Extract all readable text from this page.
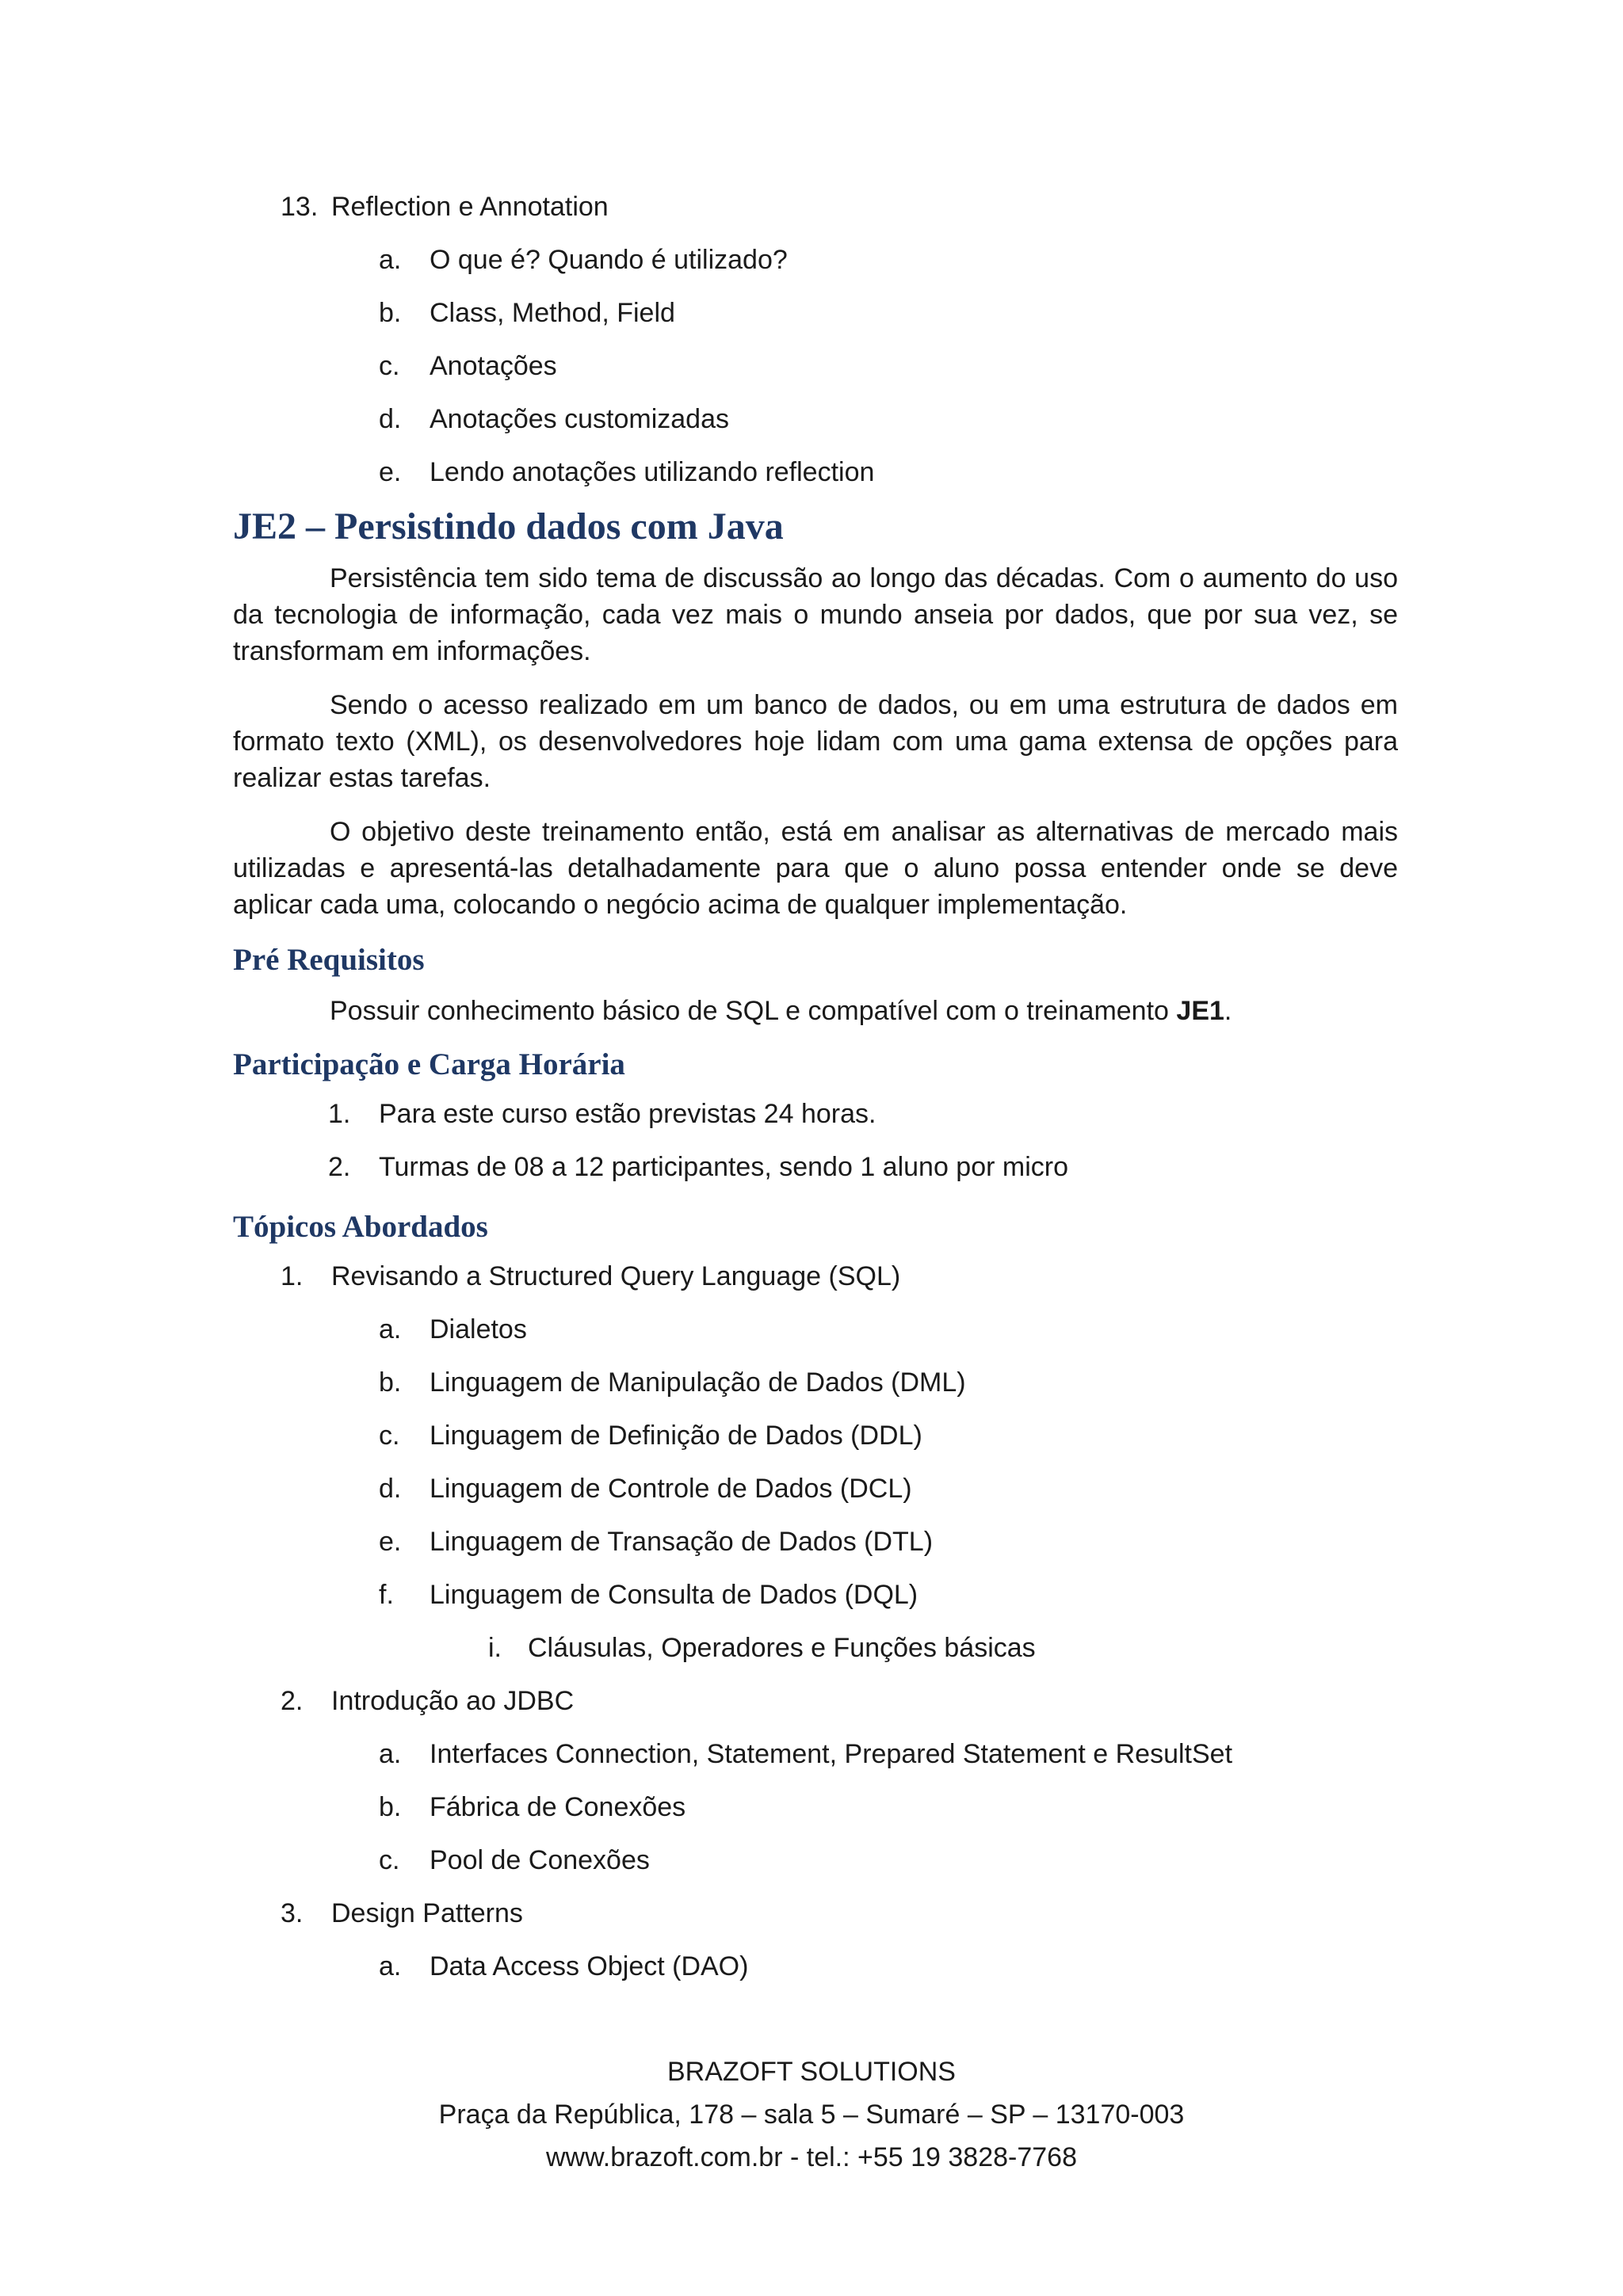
13. Reflection e Annotation
a. O que é? Quando é utilizado?
b. Class, Method, Field
c. Anotações
d. Anotações customizadas
e. Lendo anotações utilizando reflection
JE2 – Persistindo dados com Java

Persistência tem sido tema de discussão ao longo das décadas. Com o aumento do uso da tecnologia de informação, cada vez mais o mundo anseia por dados, que por sua vez, se transformam em informações.

Sendo o acesso realizado em um banco de dados, ou em uma estrutura de dados em formato texto (XML), os desenvolvedores hoje lidam com uma gama extensa de opções para realizar estas tarefas.

O objetivo deste treinamento então, está em analisar as alternativas de mercado mais utilizadas e apresentá-las detalhadamente para que o aluno possa entender onde se deve aplicar cada uma, colocando o negócio acima de qualquer implementação.

Pré Requisitos

Possuir conhecimento básico de SQL e compatível com o treinamento JE1.

Participação e Carga Horária
1. Para este curso estão previstas 24 horas.
2. Turmas de 08 a 12 participantes, sendo 1 aluno por micro
Tópicos Abordados
1. Revisando a Structured Query Language (SQL)
a. Dialetos
b. Linguagem de Manipulação de Dados (DML)
c. Linguagem de Definição de Dados (DDL)
d. Linguagem de Controle de Dados (DCL)
e. Linguagem de Transação de Dados (DTL)
f. Linguagem de Consulta de Dados (DQL)
i. Cláusulas, Operadores e Funções básicas
2. Introdução ao JDBC
a. Interfaces Connection, Statement, Prepared Statement e ResultSet
b. Fábrica de Conexões
c. Pool de Conexões
3. Design Patterns
a. Data Access Object (DAO)
BRAZOFT SOLUTIONS
Praça da República, 178 – sala 5 – Sumaré – SP – 13170-003
www.brazoft.com.br - tel.: +55 19 3828-7768
